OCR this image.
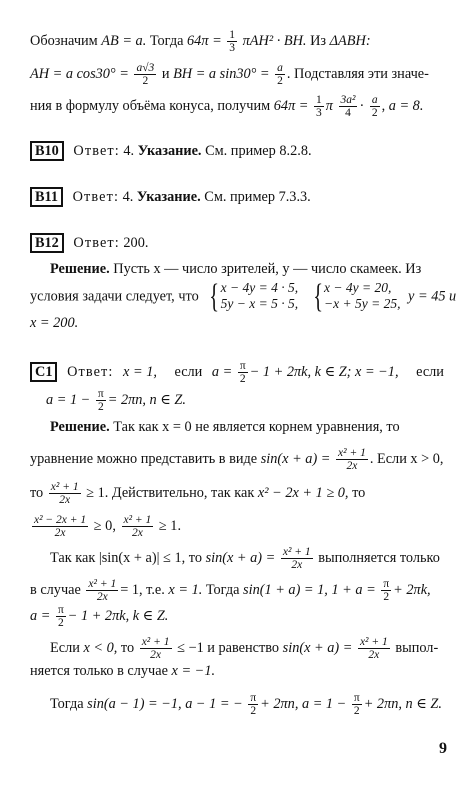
Обозначим AB = a. Тогда $64\pi = \frac{1}{3} \pi AH^2$ · BH. Из ΔABH:
AH = a $\cos 30^\circ = \frac{a√3}{2}$ и BH = a $\sin 30^\circ = \frac{a}{2}$ . Подставляя эти значе-
ния в формулу объёма конуса, получим $64\pi = \frac{1}{3}$ π $\frac{\text{3a²}}{4} \cdot \frac{a}{2}$ , a = 8.
B10 Ответ: 4. Указание. См. пример 8.2.8.
B11 Ответ: 4. Указание. См. пример 7.3.3.
B12 Ответ: 200.
Решение. Пусть x — число зрителей, y — число скамеек. Из
условия задачи следует, что { x − 4y = 4 · 5,
5y − x = 5 · 5,
{ x − 4y = 20,
−x + 5y = 25, y = 45 и
x = 200.
C1 Ответ: x = 1, если $a = \frac{\pi}{2} - 1 + 2\pi k$, k ∈ Z; x = −1, если
$a = 1 - \frac{\pi}{2} = 2\pi n$, n ∈ Z.
Решение. Так как x = 0 не является корнем уравнения, то
уравнение можно представить в виде $\sin(x + a) = \frac{\text{x² + 1}}{2x}$ . Если x > 0,
то $\frac{\text{x² + 1}}{2x} \ge 1$. Действительно, так как x² − 2x + 1 ≥ 0, то
$\frac{\text{x² − 2x + 1}}{2x} \ge 0$, $\frac{\text{x² + 1}}{2x} \ge 1$.
Так как |sin(x + a)| ≤ 1, то $\sin(x + a) = \frac{\text{x² + 1}}{2x}$ выполняется только
в случае $\frac{\text{x² + 1}}{2x} = 1$, т.е. x = 1. Тогда sin(1 + a) = 1, $1 + a = \frac{\pi}{2} + 2\pi k$,
$a = \frac{\pi}{2} - 1 + 2\pi k$, k ∈ Z.
Если x < 0, то $\frac{\text{x² + 1}}{2x} \le -1$ и равенство $\sin(x + a) = \frac{\text{x² + 1}}{2x}$ выпол-
няется только в случае x = −1.
Тогда sin(a − 1) = −1, a − 1 = − $\frac{\pi}{2} + 2\pi n$, $a = 1 - \frac{\pi}{2} + 2\pi n$, n ∈ Z.
9
